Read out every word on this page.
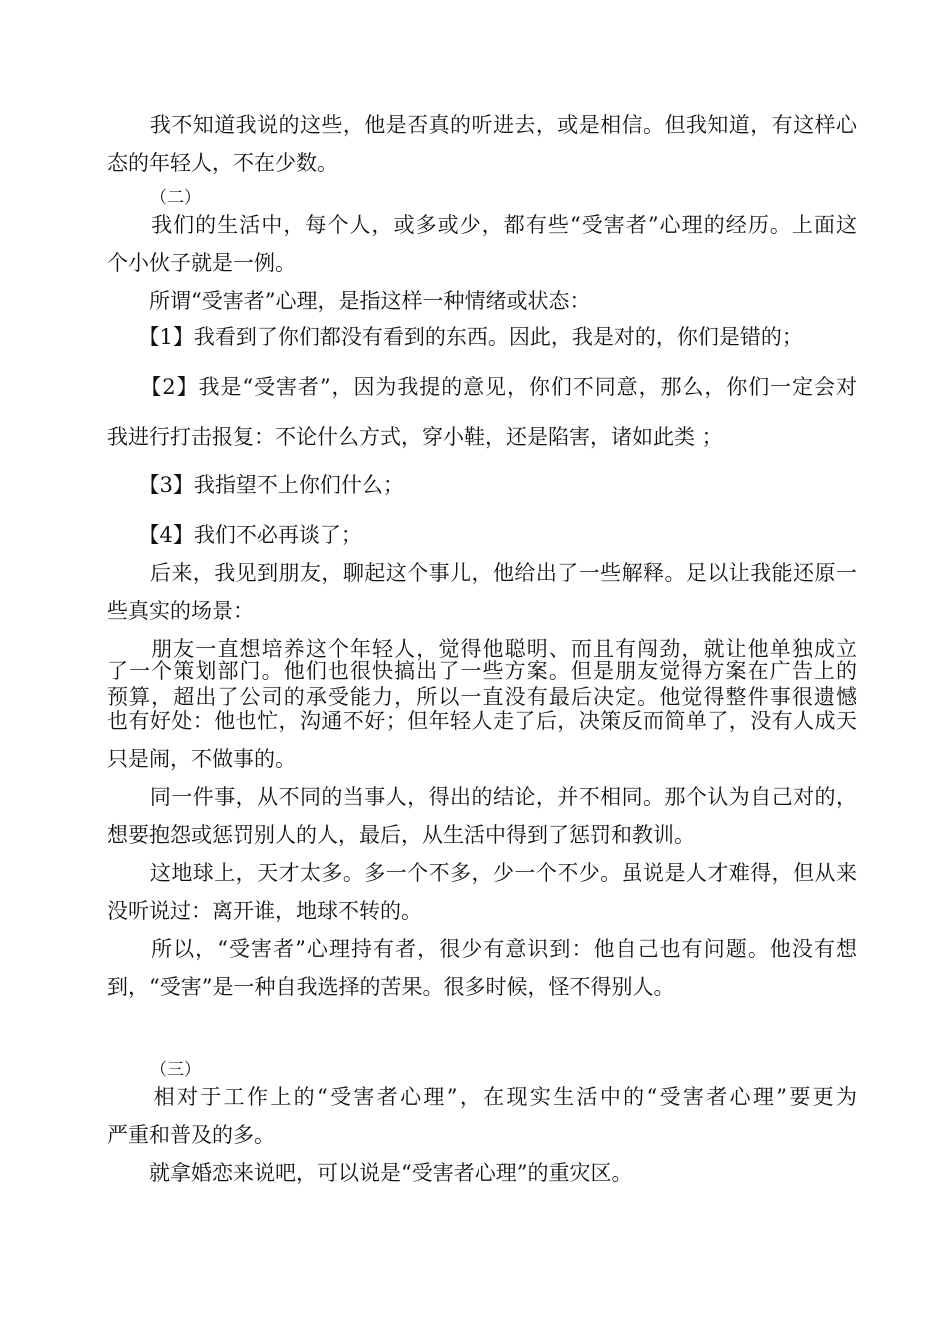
　　我不知道我说的这些，他是否真的听进去，或是相信。但我知道，有这样心
态的年轻人，不在少数。
（二）
　　我们的生活中，每个人，或多或少，都有些“受害者”心理的经历。上面这
个小伙子就是一例。
　　所谓“受害者”心理，是指这样一种情绪或状态：
　　【1】我看到了你们都没有看到的东西。因此，我是对的，你们是错的；
　　【2】我是“受害者”，因为我提的意见，你们不同意，那么，你们一定会对
我进行打击报复：不论什么方式，穿小鞋，还是陷害，诸如此类 ；
　　【3】我指望不上你们什么；
　　【4】我们不必再谈了；
　　后来，我见到朋友，聊起这个事儿，他给出了一些解释。足以让我能还原一
些真实的场景：
　　朋友一直想培养这个年轻人，觉得他聪明、而且有闯劲，就让他单独成立
了一个策划部门。他们也很快搞出了一些方案。但是朋友觉得方案在广告上的
预算，超出了公司的承受能力，所以一直没有最后决定。他觉得整件事很遗憾
也有好处：他也忙，沟通不好；但年轻人走了后，决策反而简单了，没有人成天
只是闹，不做事的。
　　同一件事，从不同的当事人，得出的结论，并不相同。那个认为自己对的，
想要抱怨或惩罚别人的人，最后，从生活中得到了惩罚和教训。
　　这地球上，天才太多。多一个不多，少一个不少。虽说是人才难得，但从来
没听说过：离开谁，地球不转的。
　　所以，“受害者”心理持有者，很少有意识到：他自己也有问题。他没有想
到，“受害”是一种自我选择的苦果。很多时候，怪不得别人。
（三）
　　相对于工作上的“受害者心理”，在现实生活中的“受害者心理”要更为
严重和普及的多。
　　就拿婚恋来说吧，可以说是“受害者心理”的重灾区。
